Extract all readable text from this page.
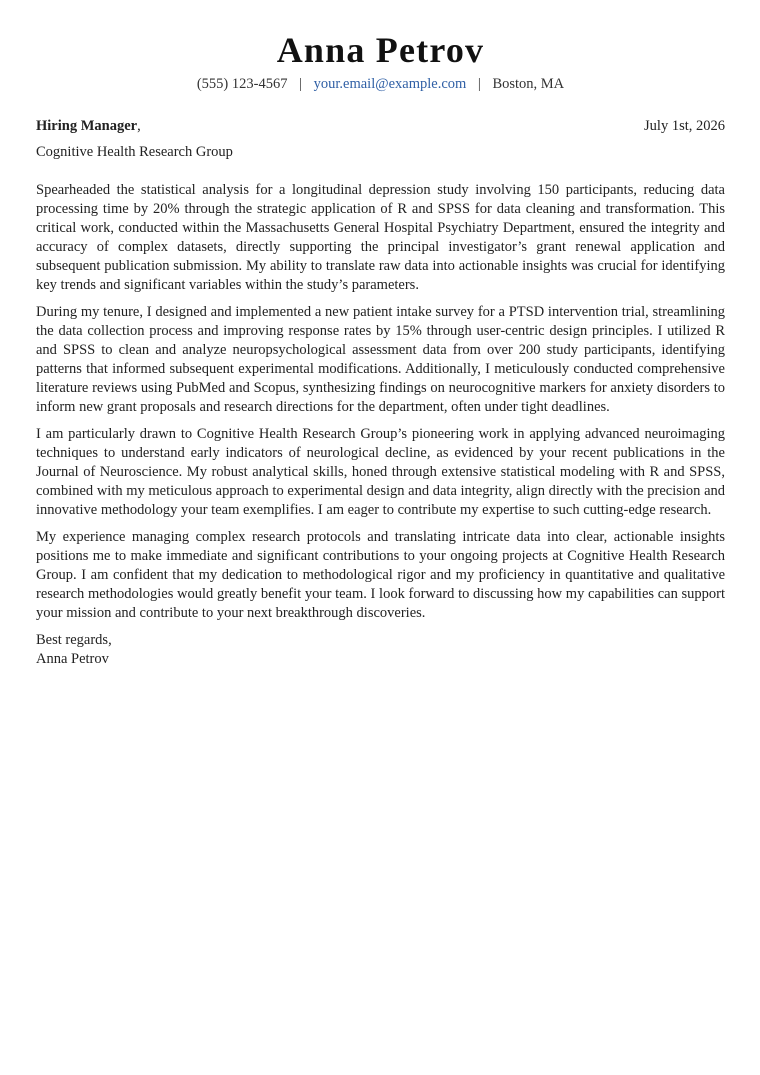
Anna Petrov
(555) 123-4567 | your.email@example.com | Boston, MA
Hiring Manager,	July 1st, 2026
Cognitive Health Research Group

Spearheaded the statistical analysis for a longitudinal depression study involving 150 participants, reducing data processing time by 20% through the strategic application of R and SPSS for data cleaning and transformation. This critical work, conducted within the Massachusetts General Hospital Psychiatry Department, ensured the integrity and accuracy of complex datasets, directly supporting the principal investigator’s grant renewal application and subsequent publication submission. My ability to translate raw data into actionable insights was crucial for identifying key trends and significant variables within the study’s parameters.

During my tenure, I designed and implemented a new patient intake survey for a PTSD intervention trial, streamlining the data collection process and improving response rates by 15% through user-centric design principles. I utilized R and SPSS to clean and analyze neuropsychological assessment data from over 200 study participants, identifying patterns that informed subsequent experimental modifications. Additionally, I meticulously conducted comprehensive literature reviews using PubMed and Scopus, synthesizing findings on neurocognitive markers for anxiety disorders to inform new grant proposals and research directions for the department, often under tight deadlines.

I am particularly drawn to Cognitive Health Research Group’s pioneering work in applying advanced neuroimaging techniques to understand early indicators of neurological decline, as evidenced by your recent publications in the Journal of Neuroscience. My robust analytical skills, honed through extensive statistical modeling with R and SPSS, combined with my meticulous approach to experimental design and data integrity, align directly with the precision and innovative methodology your team exemplifies. I am eager to contribute my expertise to such cutting-edge research.

My experience managing complex research protocols and translating intricate data into clear, actionable insights positions me to make immediate and significant contributions to your ongoing projects at Cognitive Health Research Group. I am confident that my dedication to methodological rigor and my proficiency in quantitative and qualitative research methodologies would greatly benefit your team. I look forward to discussing how my capabilities can support your mission and contribute to your next breakthrough discoveries.

Best regards,
Anna Petrov
